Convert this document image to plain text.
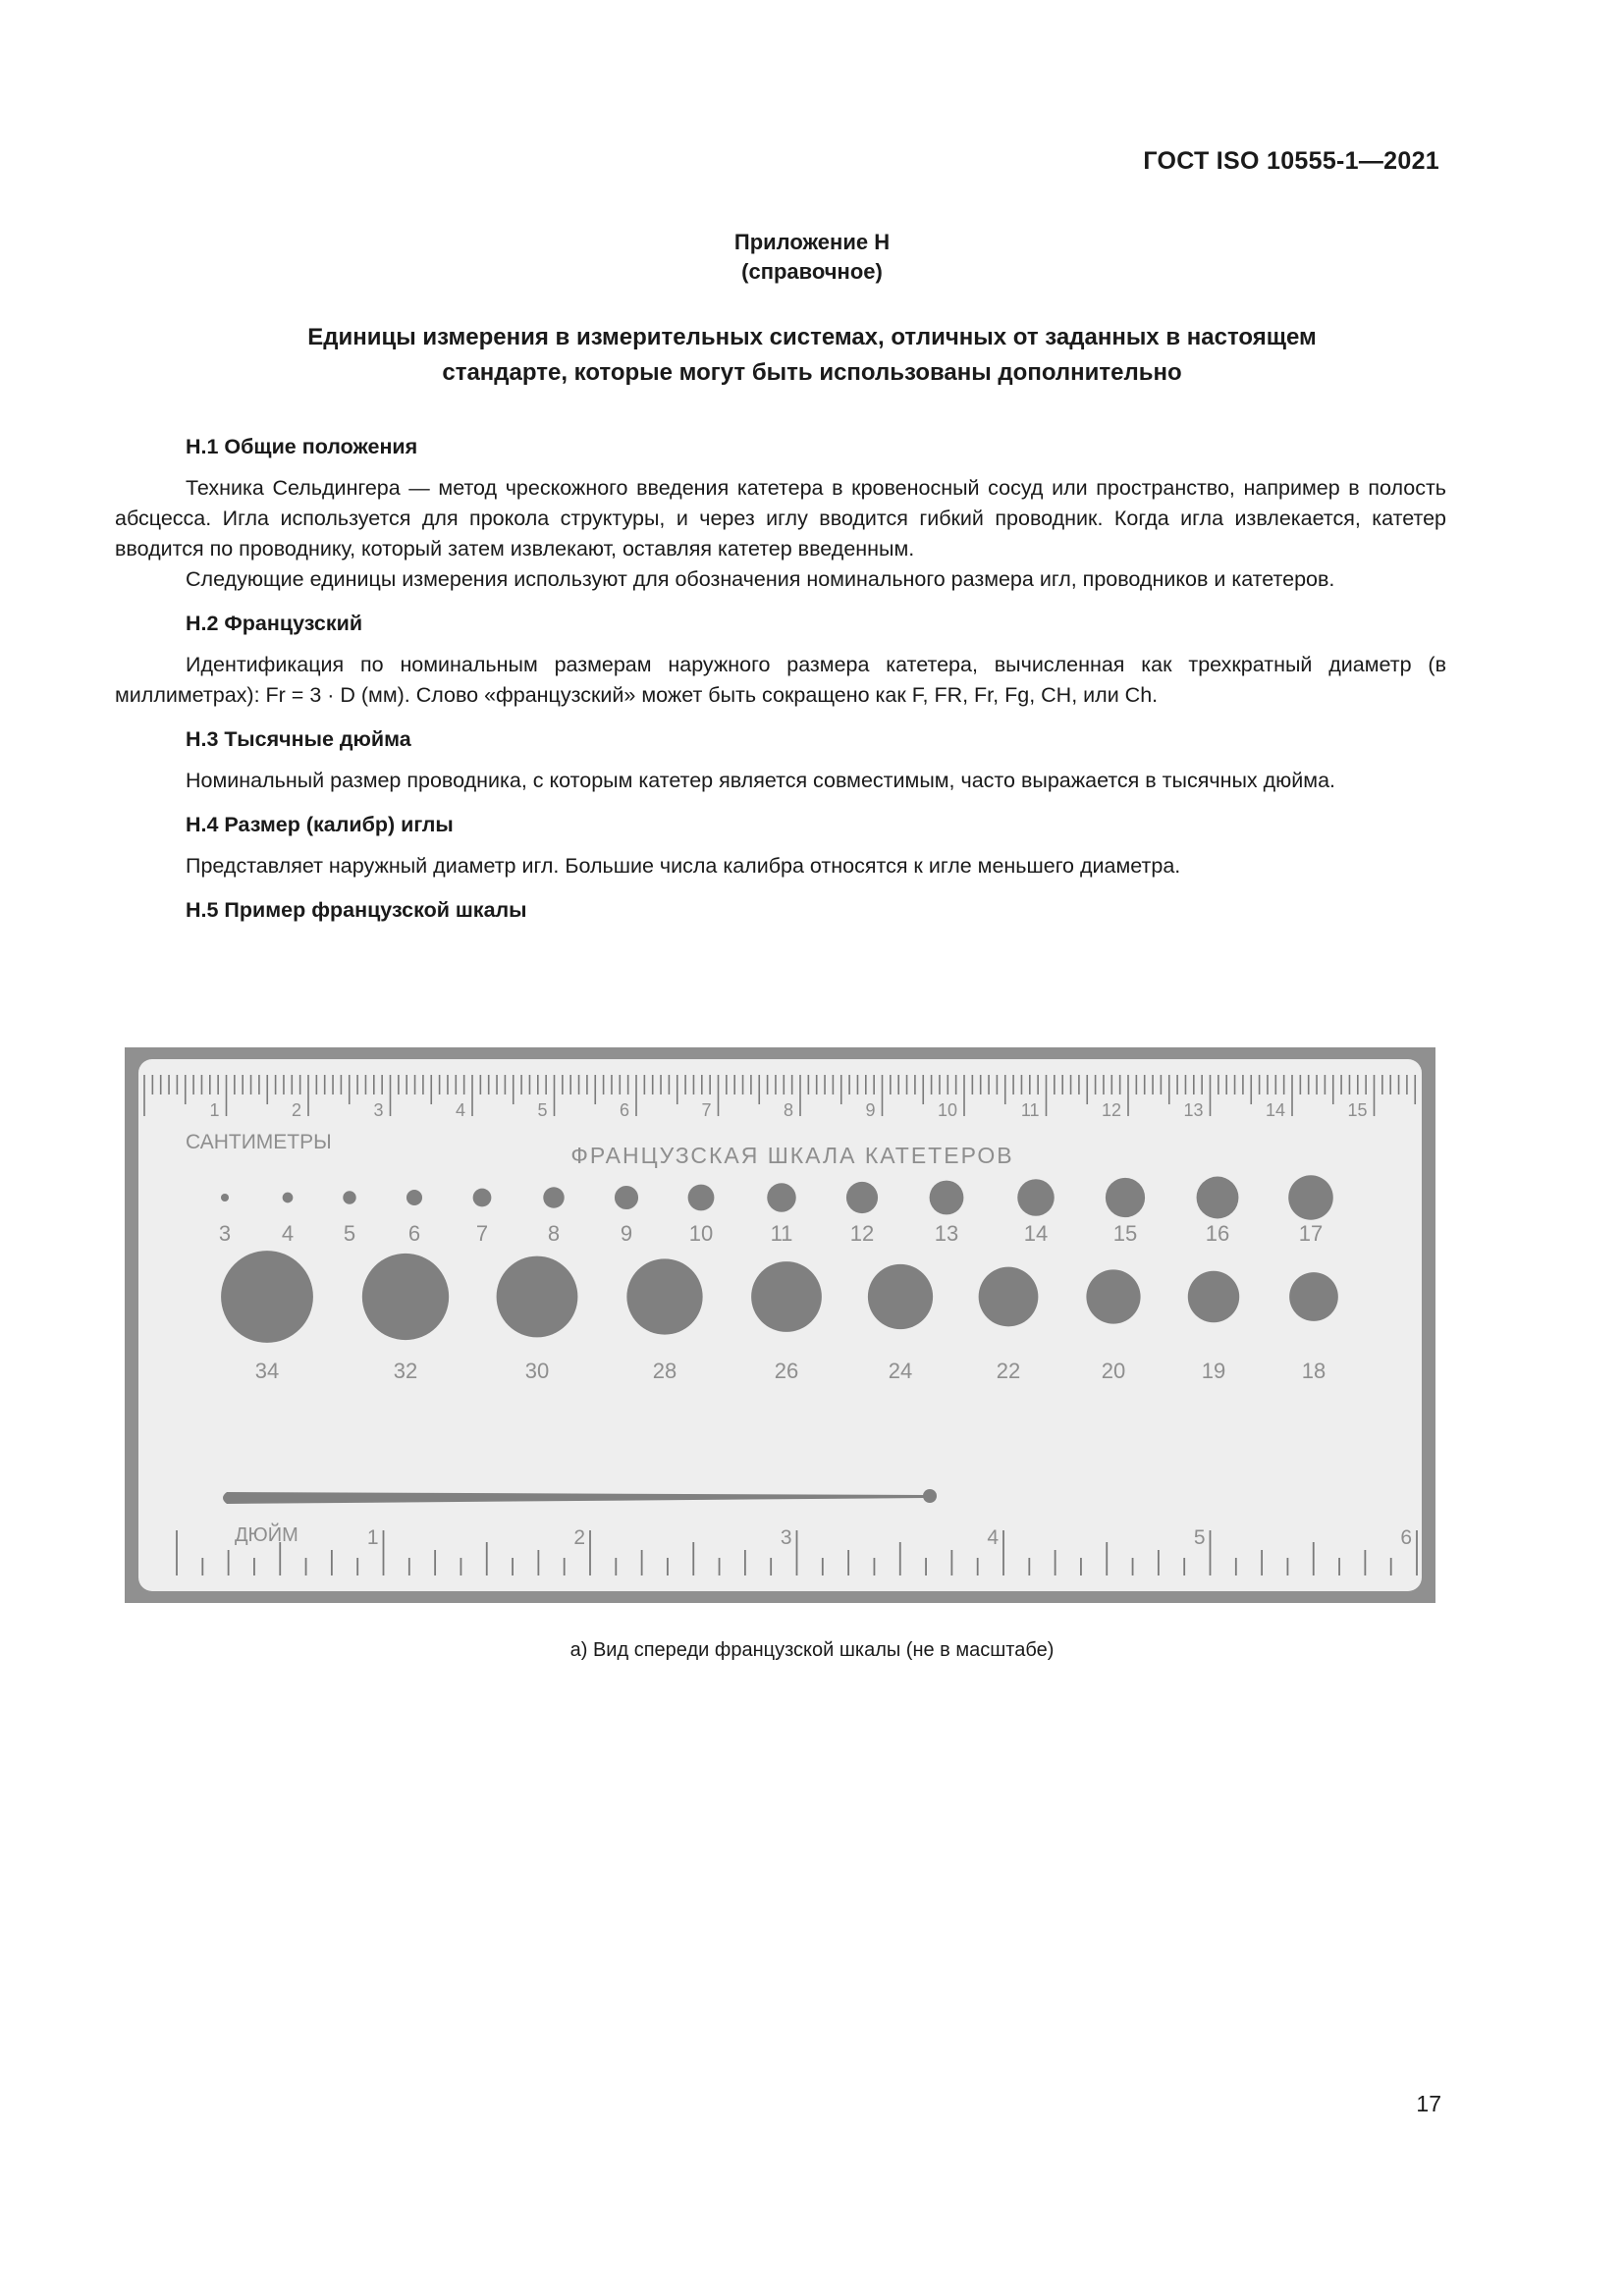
ГОСТ ISO 10555-1—2021
Приложение Н
(справочное)
Единицы измерения в измерительных системах, отличных от заданных в настоящем
стандарте, которые могут быть использованы дополнительно
Н.1 Общие положения

Техника Сельдингера — метод чрескожного введения катетера в кровеносный сосуд или пространство, например в полость абсцесса. Игла используется для прокола структуры, и через иглу вводится гибкий проводник. Когда игла извлекается, катетер вводится по проводнику, который затем извлекают, оставляя катетер введенным.

Следующие единицы измерения используют для обозначения номинального размера игл, проводников и катетеров.

Н.2 Французский

Идентификация по номинальным размерам наружного размера катетера, вычисленная как трехкратный диаметр (в миллиметрах): Fr = 3 · D (мм). Слово «французский» может быть сокращено как F, FR, Fr, Fg, CH, или Ch.

Н.3 Тысячные дюйма

Номинальный размер проводника, с которым катетер является совместимым, часто выражается в тысячных дюйма.

Н.4 Размер (калибр) иглы

Представляет наружный диаметр игл. Большие числа калибра относятся к игле меньшего диаметра.

Н.5 Пример французской шкалы
1	2	3	4	5	6	7	8	9	10	11	12	13	14	15
САНТИМЕТРЫ
ФРАНЦУЗСКАЯ ШКАЛА КАТЕТЕРОВ
3 4 5 6	7	8	9	10	11	12	13	14	15	16	17
34	32	30	28	26	24	22	20	19	18
ДЮЙМ	1	2	3	4	5	6
а) Вид спереди французской шкалы (не в масштабе)
17
